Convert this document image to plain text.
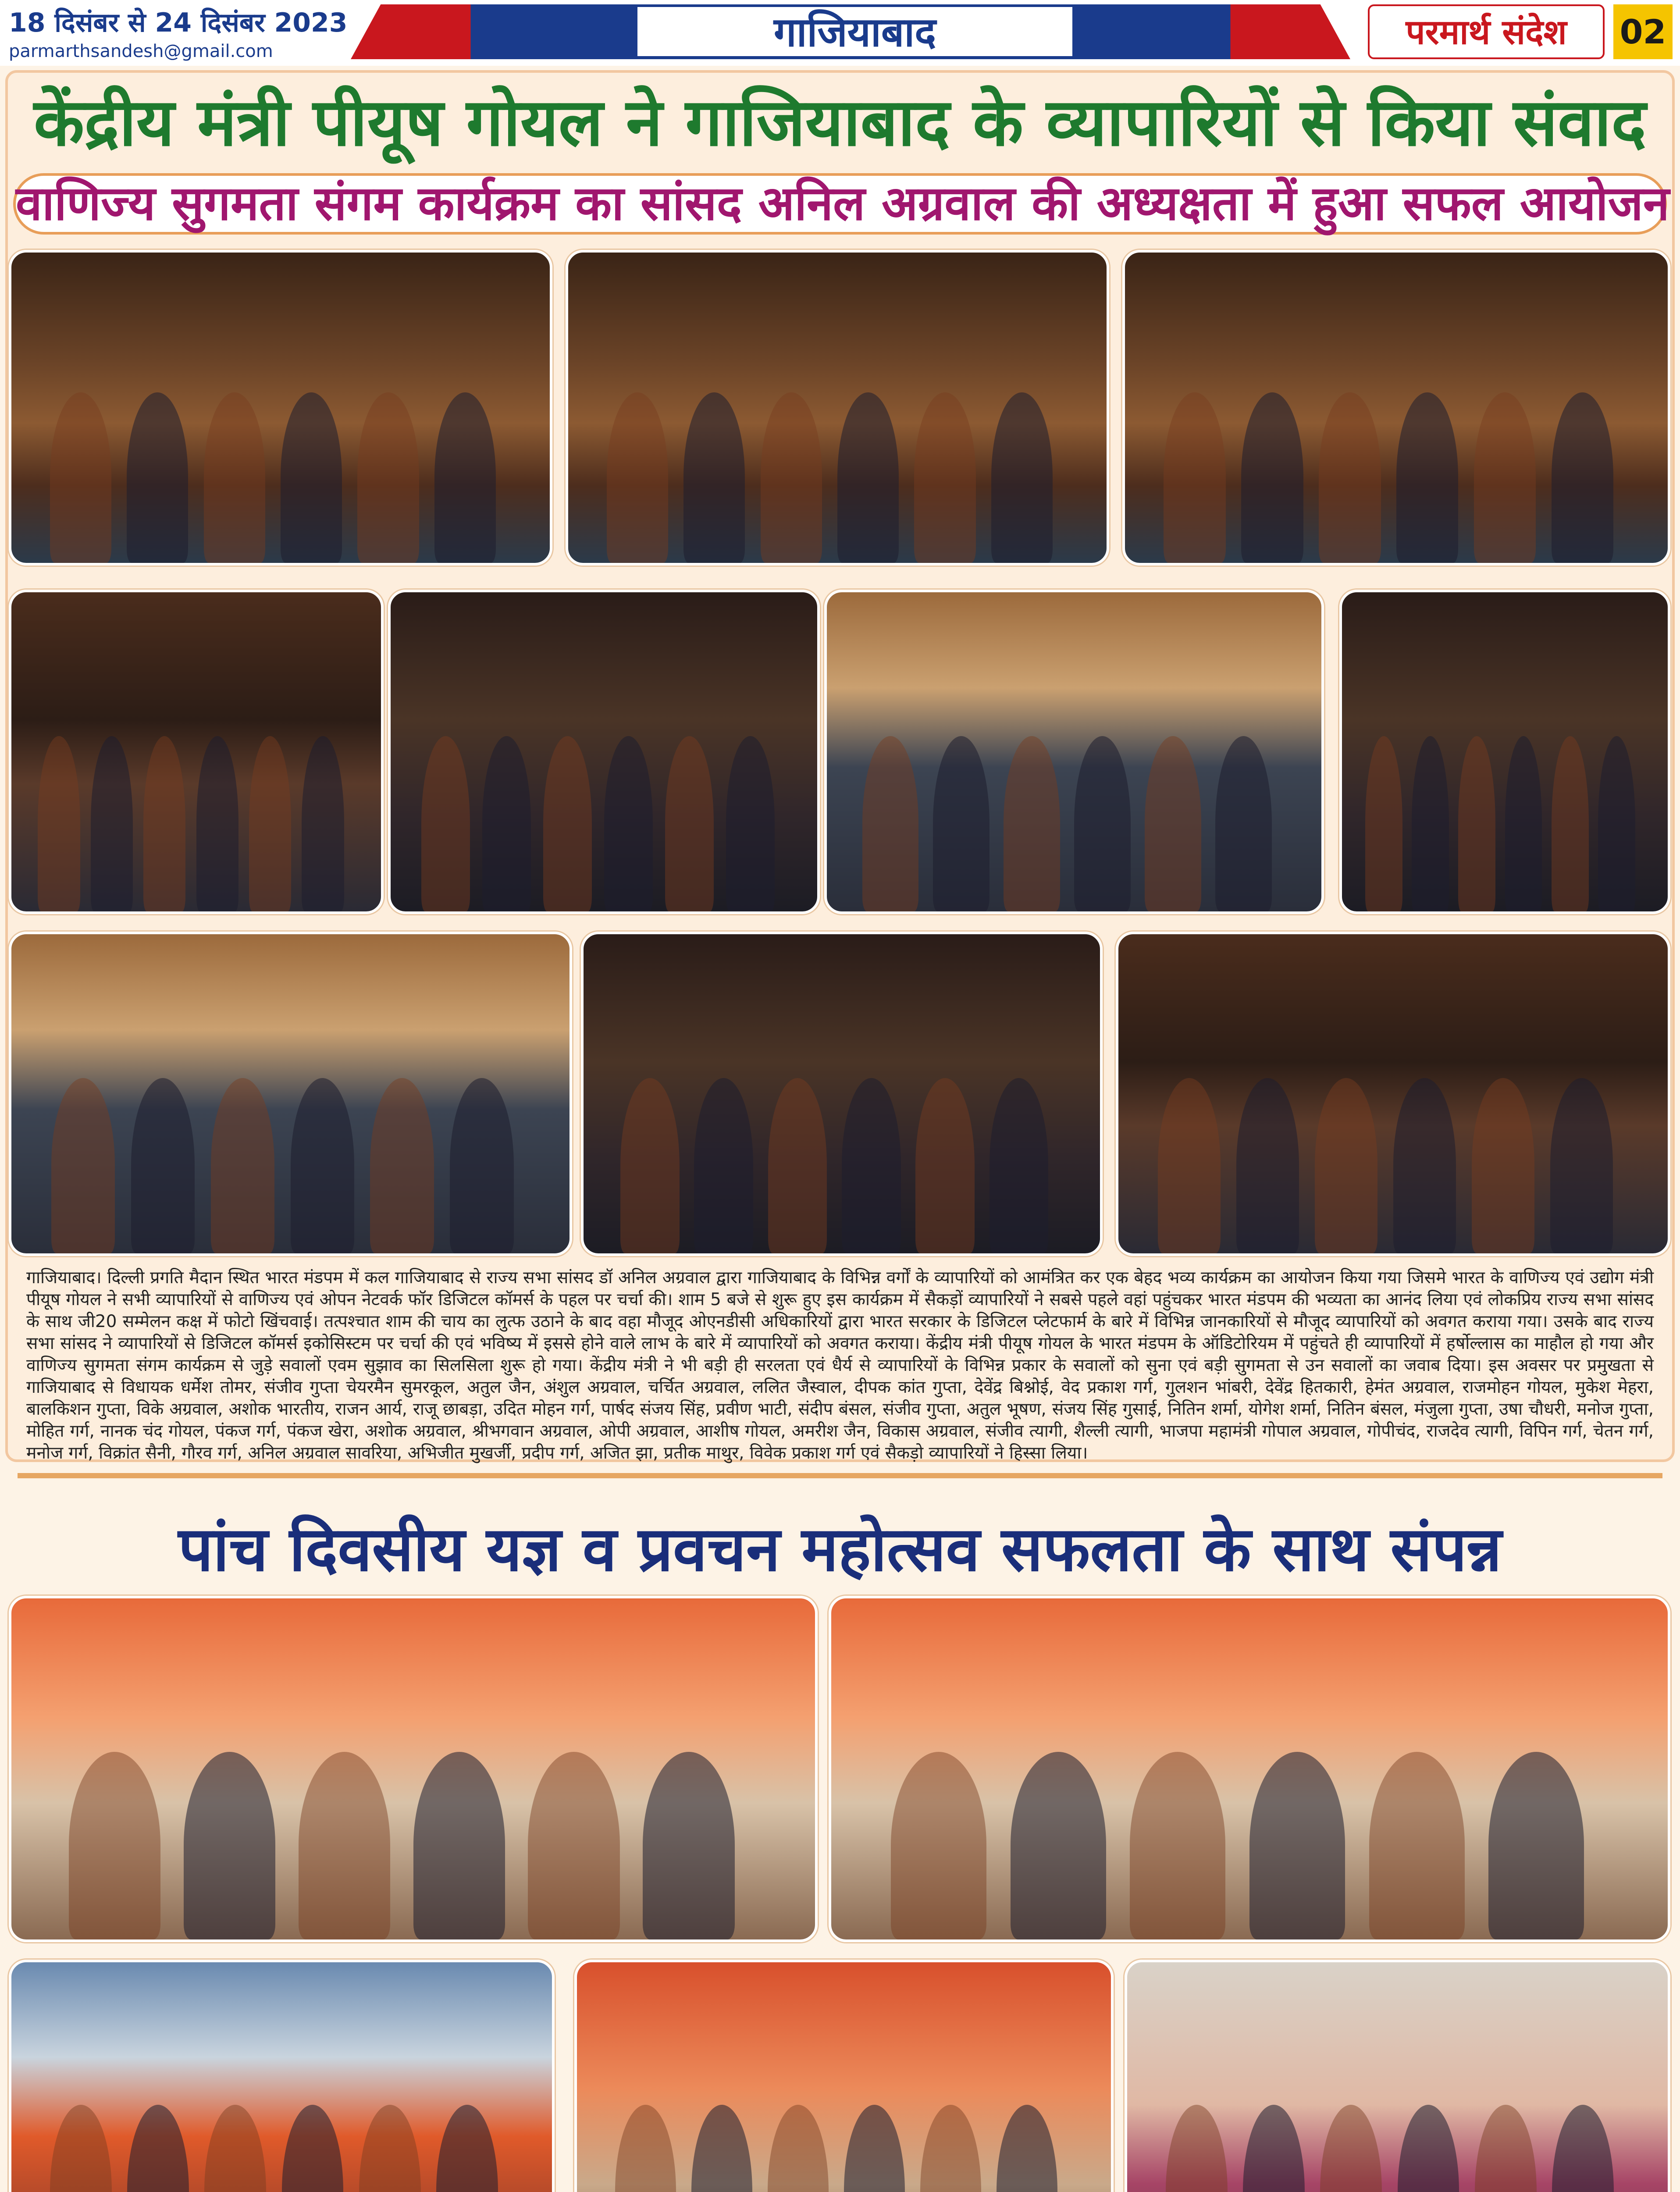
18 दिसंबर से 24 दिसंबर 2023
parmarthsandesh@gmail.com	गाजियाबाद	परमार्थ संदेश	02
केंद्रीय मंत्री पीयूष गोयल ने गाजियाबाद के व्यापारियों से किया संवाद
वाणिज्य सुगमता संगम कार्यक्रम का सांसद अनिल अग्रवाल की अध्यक्षता में हुआ सफल आयोजन
गाजियाबाद। दिल्ली प्रगति मैदान स्थित भारत मंडपम में कल गाजियाबाद से राज्य सभा सांसद डॉ अनिल अग्रवाल द्वारा गाजियाबाद के विभिन्न वर्गों के व्यापारियों को आमंत्रित कर एक बेहद भव्य कार्यक्रम का आयोजन किया गया जिसमे भारत के वाणिज्य एवं उद्योग मंत्री पीयूष गोयल ने सभी व्यापारियों से वाणिज्य एवं ओपन नेटवर्क फॉर डिजिटल कॉमर्स के पहल पर चर्चा की। शाम 5 बजे से शुरू हुए इस कार्यक्रम में सैकड़ों व्यापारियों ने सबसे पहले वहां पहुंचकर भारत मंडपम की भव्यता का आनंद लिया एवं लोकप्रिय राज्य सभा सांसद के साथ जी20 सम्मेलन कक्ष में फोटो खिंचवाई। तत्पश्चात शाम की चाय का लुत्फ उठाने के बाद वहा मौजूद ओएनडीसी अधिकारियों द्वारा भारत सरकार के डिजिटल प्लेटफार्म के बारे में विभिन्न जानकारियों से मौजूद व्यापारियों को अवगत कराया गया। उसके बाद राज्य सभा सांसद ने व्यापारियों से डिजिटल कॉमर्स इकोसिस्टम पर चर्चा की एवं भविष्य में इससे होने वाले लाभ के बारे में व्यापारियों को अवगत कराया। केंद्रीय मंत्री पीयूष गोयल के भारत मंडपम के ऑडिटोरियम में पहुंचते ही व्यापारियों में हर्षोल्लास का माहौल हो गया और वाणिज्य सुगमता संगम कार्यक्रम से जुड़े सवालों एवम सुझाव का सिलसिला शुरू हो गया। केंद्रीय मंत्री ने भी बड़ी ही सरलता एवं धैर्य से व्यापारियों के विभिन्न प्रकार के सवालों को सुना एवं बड़ी सुगमता से उन सवालों का जवाब दिया। इस अवसर पर प्रमुखता से गाजियाबाद से विधायक धर्मेश तोमर, संजीव गुप्ता चेयरमैन सुमरकूल, अतुल जैन, अंशुल अग्रवाल, चर्चित अग्रवाल, ललित जैस्वाल, दीपक कांत गुप्ता, देवेंद्र बिश्नोई, वेद प्रकाश गर्ग, गुलशन भांबरी, देवेंद्र हितकारी, हेमंत अग्रवाल, राजमोहन गोयल, मुकेश मेहरा, बालकिशन गुप्ता, विके अग्रवाल, अशोक भारतीय, राजन आर्य, राजू छाबड़ा, उदित मोहन गर्ग, पार्षद संजय सिंह, प्रवीण भाटी, संदीप बंसल, संजीव गुप्ता, अतुल भूषण, संजय सिंह गुसाई, नितिन शर्मा, योगेश शर्मा, नितिन बंसल, मंजुला गुप्ता, उषा चौधरी, मनोज गुप्ता, मोहित गर्ग, नानक चंद गोयल, पंकज गर्ग, पंकज खेरा, अशोक अग्रवाल, श्रीभगवान अग्रवाल, ओपी अग्रवाल, आशीष गोयल, अमरीश जैन, विकास अग्रवाल, संजीव त्यागी, शैल्ली त्यागी, भाजपा महामंत्री गोपाल अग्रवाल, गोपीचंद, राजदेव त्यागी, विपिन गर्ग, चेतन गर्ग, मनोज गर्ग, विक्रांत सैनी, गौरव गर्ग, अनिल अग्रवाल सावरिया, अभिजीत मुखर्जी, प्रदीप गर्ग, अजित झा, प्रतीक माथुर, विवेक प्रकाश गर्ग एवं सैकड़ो व्यापारियों ने हिस्सा लिया।
पांच दिवसीय यज्ञ व प्रवचन महोत्सव सफलता के साथ संपन्न
